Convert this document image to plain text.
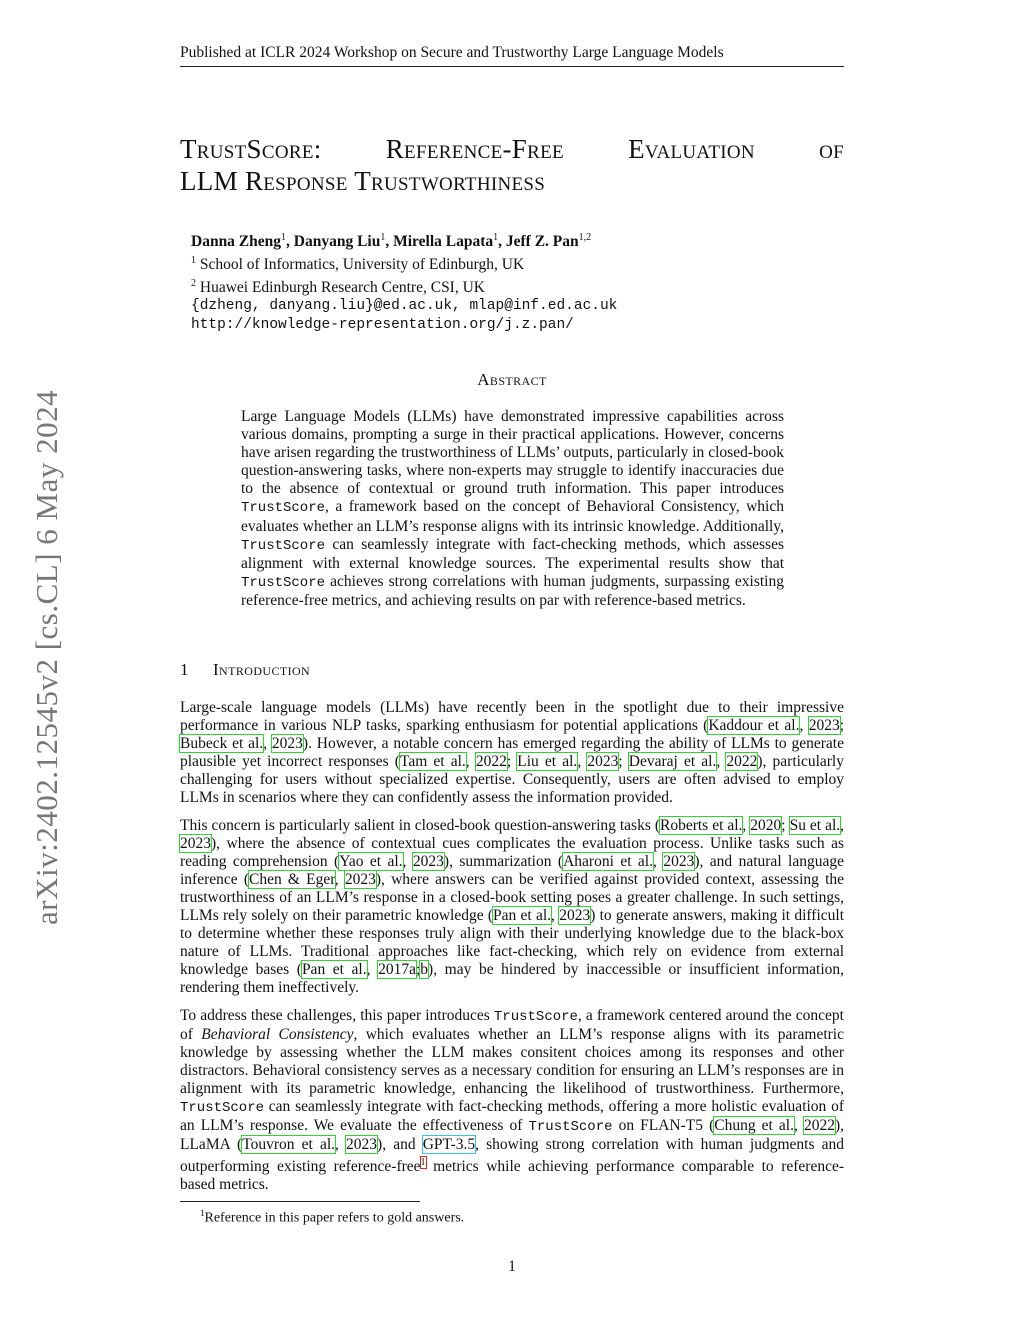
Published at ICLR 2024 Workshop on Secure and Trustworthy Large Language Models
TrustScore: Reference-Free Evaluation of
LLM Response Trustworthiness
Danna Zheng$^1$, Danyang Liu$^1$, Mirella Lapata$^1$, Jeff Z. Pan$^{1,2}$
$^1$ School of Informatics, University of Edinburgh, UK
$^2$ Huawei Edinburgh Research Centre, CSI, UK
{dzheng, danyang.liu}@ed.ac.uk, mlap@inf.ed.ac.uk
http://knowledge-representation.org/j.z.pan/
arXiv:2402.12545v2 [cs.CL] 6 May 2024
Abstract
Large Language Models (LLMs) have demonstrated impressive capabilities across various domains, prompting a surge in their practical applications. However, concerns have arisen regarding the trustworthiness of LLMs’ outputs, particularly in closed-book question-answering tasks, where non-experts may struggle to identify inaccuracies due to the absence of contextual or ground truth information. This paper introduces TrustScore, a framework based on the concept of Behavioral Consistency, which evaluates whether an LLM’s response aligns with its intrinsic knowledge. Additionally, TrustScore can seamlessly integrate with fact-checking methods, which assesses alignment with external knowledge sources. The experimental results show that TrustScore achieves strong correlations with human judgments, surpassing existing reference-free metrics, and achieving results on par with reference-based metrics.
1 Introduction

Large-scale language models (LLMs) have recently been in the spotlight due to their impressive performance in various NLP tasks, sparking enthusiasm for potential applications (Kaddour et al., 2023; Bubeck et al., 2023). However, a notable concern has emerged regarding the ability of LLMs to generate plausible yet incorrect responses (Tam et al., 2022; Liu et al., 2023; Devaraj et al., 2022), particularly challenging for users without specialized expertise. Consequently, users are often advised to employ LLMs in scenarios where they can confidently assess the information provided.

This concern is particularly salient in closed-book question-answering tasks (Roberts et al., 2020; Su et al., 2023), where the absence of contextual cues complicates the evaluation process. Unlike tasks such as reading comprehension (Yao et al., 2023), summarization (Aharoni et al., 2023), and natural language inference (Chen & Eger, 2023), where answers can be verified against provided context, assessing the trustworthiness of an LLM’s response in a closed-book setting poses a greater challenge. In such settings, LLMs rely solely on their parametric knowledge (Pan et al., 2023) to generate answers, making it difficult to determine whether these responses truly align with their underlying knowledge due to the black-box nature of LLMs. Traditional approaches like fact-checking, which rely on evidence from external knowledge bases (Pan et al., 2017a;b), may be hindered by inaccessible or insufficient information, rendering them ineffectively.

To address these challenges, this paper introduces TrustScore, a framework centered around the concept of Behavioral Consistency, which evaluates whether an LLM’s response aligns with its parametric knowledge by assessing whether the LLM makes consitent choices among its responses and other distractors. Behavioral consistency serves as a necessary condition for ensuring an LLM’s responses are in alignment with its parametric knowledge, enhancing the likelihood of trustworthiness. Furthermore, TrustScore can seamlessly integrate with fact-checking methods, offering a more holistic evaluation of an LLM’s response. We evaluate the effectiveness of TrustScore on FLAN-T5 (Chung et al., 2022), LLaMA (Touvron et al., 2023), and GPT-3.5, showing strong correlation with human judgments and outperforming existing reference-free$^1$ metrics while achieving performance comparable to reference-based metrics.

$^1$Reference in this paper refers to gold answers.
1
